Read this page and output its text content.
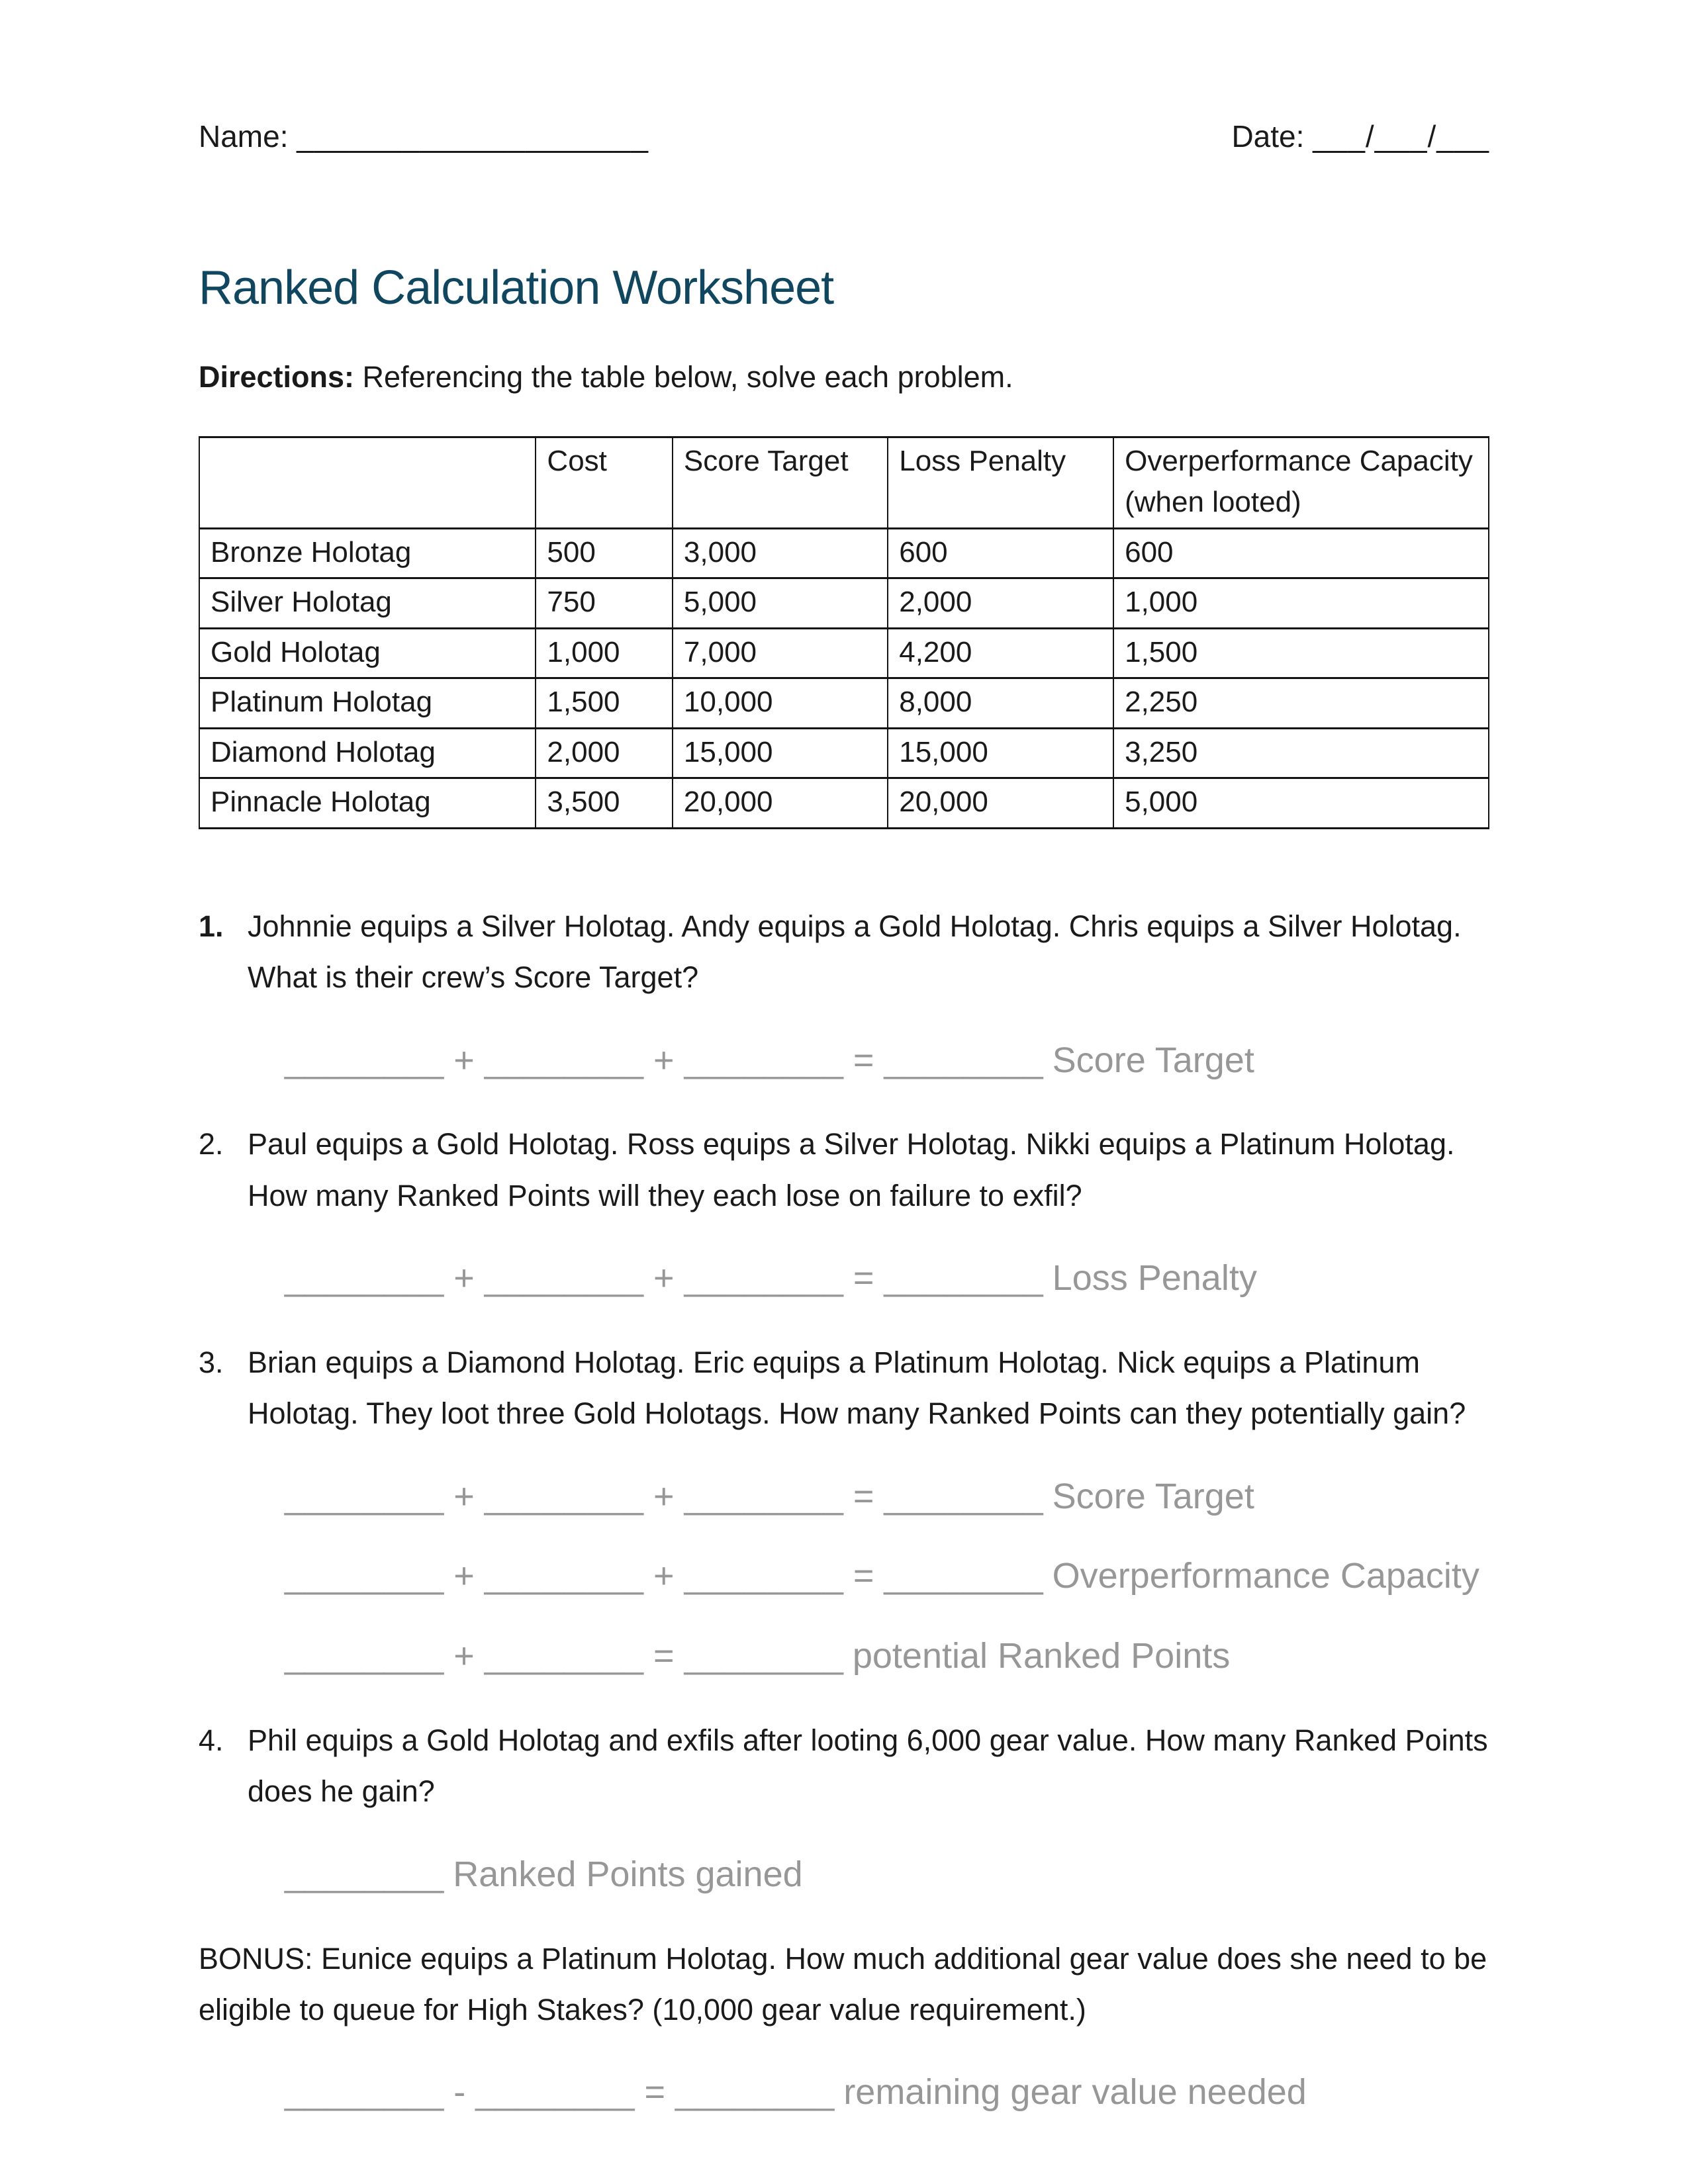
Name: ____________________	Date: ___/___/___
Ranked Calculation Worksheet

Directions: Referencing the table below, solve each problem.

	Cost	Score Target	Loss Penalty	Overperformance Capacity (when looted)
Bronze Holotag	500	3,000	600	600
Silver Holotag	750	5,000	2,000	1,000
Gold Holotag	1,000	7,000	4,200	1,500
Platinum Holotag	1,500	10,000	8,000	2,250
Diamond Holotag	2,000	15,000	15,000	3,250
Pinnacle Holotag	3,500	20,000	20,000	5,000
1. Johnnie equips a Silver Holotag. Andy equips a Gold Holotag. Chris equips a Silver Holotag. What is their crew’s Score Target?
________ + ________ + ________ = ________ Score Target
2. Paul equips a Gold Holotag. Ross equips a Silver Holotag. Nikki equips a Platinum Holotag. How many Ranked Points will they each lose on failure to exfil?
________ + ________ + ________ = ________ Loss Penalty
3. Brian equips a Diamond Holotag. Eric equips a Platinum Holotag. Nick equips a Platinum Holotag. They loot three Gold Holotags. How many Ranked Points can they potentially gain?
________ + ________ + ________ = ________ Score Target
________ + ________ + ________ = ________ Overperformance Capacity
________ + ________ = ________ potential Ranked Points
4. Phil equips a Gold Holotag and exfils after looting 6,000 gear value. How many Ranked Points does he gain?
________ Ranked Points gained

BONUS: Eunice equips a Platinum Holotag. How much additional gear value does she need to be eligible to queue for High Stakes? (10,000 gear value requirement.)

________ - ________ = ________ remaining gear value needed
